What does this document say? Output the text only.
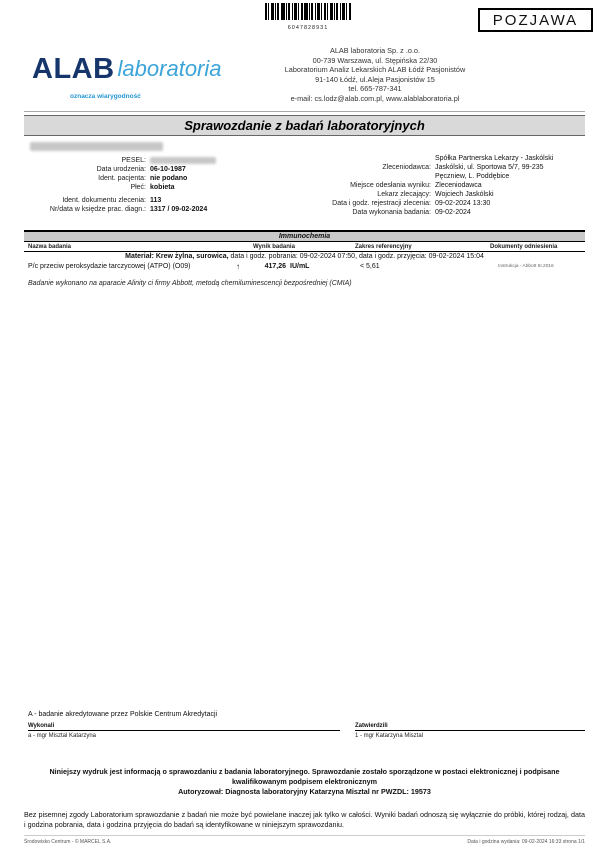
6047828931	POZJAWA
ALAB laboratoria
oznacza wiarygodność
ALAB laboratoria Sp. z .o.o.
00-739 Warszawa, ul. Stępińska 22/30
Laboratorium Analiz Lekarskich ALAB Łódź Pasjonistów
91-140 Łódź, ul.Aleja Pasjonistów 15
tel. 665-787-341
e-mail: cs.lodz@alab.com.pl, www.alablaboratoria.pl
Sprawozdanie z badań laboratoryjnych
PESEL:
Data urodzenia: 06-10-1987
Ident. pacjenta: nie podano
Płeć: kobieta
Ident. dokumentu zlecenia: 113
Nr/data w księdze prac. diagn.: 1317 / 09-02-2024
Spółka Partnerska Lekarzy - Jaskólski
Zleceniodawca: Jaskólski, ul. Sportowa 5/7, 99-235
Pęczniew, L. Poddębice
Miejsce odesłania wyniku: Zleceniodawca
Lekarz zlecający: Wojciech Jaskólski
Data i godz. rejestracji zlecenia: 09-02-2024 13:30
Data wykonania badania: 09-02-2024
Immunochemia
Nazwa badania	Wynik badania	Zakres referencyjny	Dokumenty odniesienia
Materiał: Krew żylna, surowica, data i godz. pobrania: 09-02-2024 07:50, data i godz. przyjęcia: 09-02-2024 15:04
P/c przeciw peroksydazie tarczycowej (ATPO) (O09)	↑	417,26 IU/mL	< 5,61	Instrukcja - Abbott III.2016
Badanie wykonano na aparacie Alinity ci firmy Abbott, metodą chemiluminescencji bezpośredniej (CMIA)
A - badanie akredytowane przez Polskie Centrum Akredytacji
Wykonali
a - mgr Misztal Katarzyna
Zatwierdzili
1 - mgr Katarzyna Misztal
Niniejszy wydruk jest informacją o sprawozdaniu z badania laboratoryjnego. Sprawozdanie zostało sporządzone w postaci elektronicznej i podpisane kwalifikowanym podpisem elektronicznym
Autoryzował: Diagnosta laboratoryjny Katarzyna Misztal nr PWZDL: 19573
Bez pisemnej zgody Laboratorium sprawozdanie z badań nie może być powielane inaczej jak tylko w całości. Wyniki badań odnoszą się wyłącznie do próbki, której rodzaj, data i godzina pobrania, data i godzina przyjęcia do badań są identyfikowane w niniejszym sprawozdaniu.
Środowisko Centrum - © MARCEL S.A.	Data i godzina wydania: 09-02-2024 16:33 strona 1/1
